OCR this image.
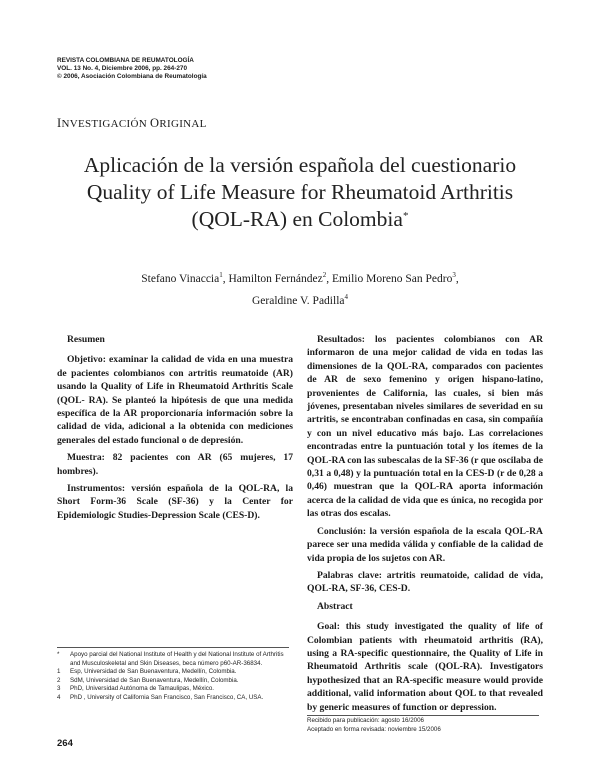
REVISTA COLOMBIANA DE REUMATOLOGÍA
VOL. 13 No. 4, Diciembre 2006, pp. 264-270
© 2006, Asociación Colombiana de Reumatología
INVESTIGACIÓN ORIGINAL
Aplicación de la versión española del cuestionario
Quality of Life Measure for Rheumatoid Arthritis
(QOL-RA) en Colombia*
Stefano Vinaccia$^1$, Hamilton Fernández$^2$, Emilio Moreno San Pedro$^3$,
Geraldine V. Padilla$^4$

Resumen

Objetivo: examinar la calidad de vida en una muestra de pacientes colombianos con artritis reumatoide (AR) usando la Quality of Life in Rheumatoid Arthritis Scale (QOL- RA). Se planteó la hipótesis de que una medida específica de la AR proporcionaría información sobre la calidad de vida, adicional a la obtenida con mediciones generales del estado funcional o de depresión.

Muestra: 82 pacientes con AR (65 mujeres, 17 hombres).

Instrumentos: versión española de la QOL-RA, la Short Form-36 Scale (SF-36) y la Center for Epidemiologic Studies-Depression Scale (CES-D).

Resultados: los pacientes colombianos con AR informaron de una mejor calidad de vida en todas las dimensiones de la QOL-RA, comparados con pacientes de AR de sexo femenino y origen hispano-latino, provenientes de California, las cuales, si bien más jóvenes, presentaban niveles similares de severidad en su artritis, se encontraban confinadas en casa, sin compañía y con un nivel educativo más bajo. Las correlaciones encontradas entre la puntuación total y los ítemes de la QOL-RA con las subescalas de la SF-36 (r que oscilaba de 0,31 a 0,48) y la puntuación total en la CES-D (r de 0,28 a 0,46) muestran que la QOL-RA aporta información acerca de la calidad de vida que es única, no recogida por las otras dos escalas.

Conclusión: la versión española de la escala QOL-RA parece ser una medida válida y confiable de la calidad de vida propia de los sujetos con AR.

Palabras clave: artritis reumatoide, calidad de vida, QOL-RA, SF-36, CES-D.

Abstract

Goal: this study investigated the quality of life of Colombian patients with rheumatoid arthritis (RA), using a RA-specific questionnaire, the Quality of Life in Rheumatoid Arthritis scale (QOL-RA). Investigators hypothesized that an RA-specific measure would provide additional, valid information about QOL to that revealed by generic measures of function or depression.

*	Apoyo parcial del National Institute of Health y del National Institute of Arthritis and Musculoskeletal and Skin Diseases, beca número p60-AR-36834.
1	Esp, Universidad de San Buenaventura, Medellín, Colombia.
2	SdM, Universidad de San Buenaventura, Medellín, Colombia.
3	PhD, Universidad Autónoma de Tamaulipas, México.
4	PhD , University of California San Francisco, San Francisco, CA, USA.
Recibido para publicación: agosto 16/2006
Aceptado en forma revisada: noviembre 15/2006
264
